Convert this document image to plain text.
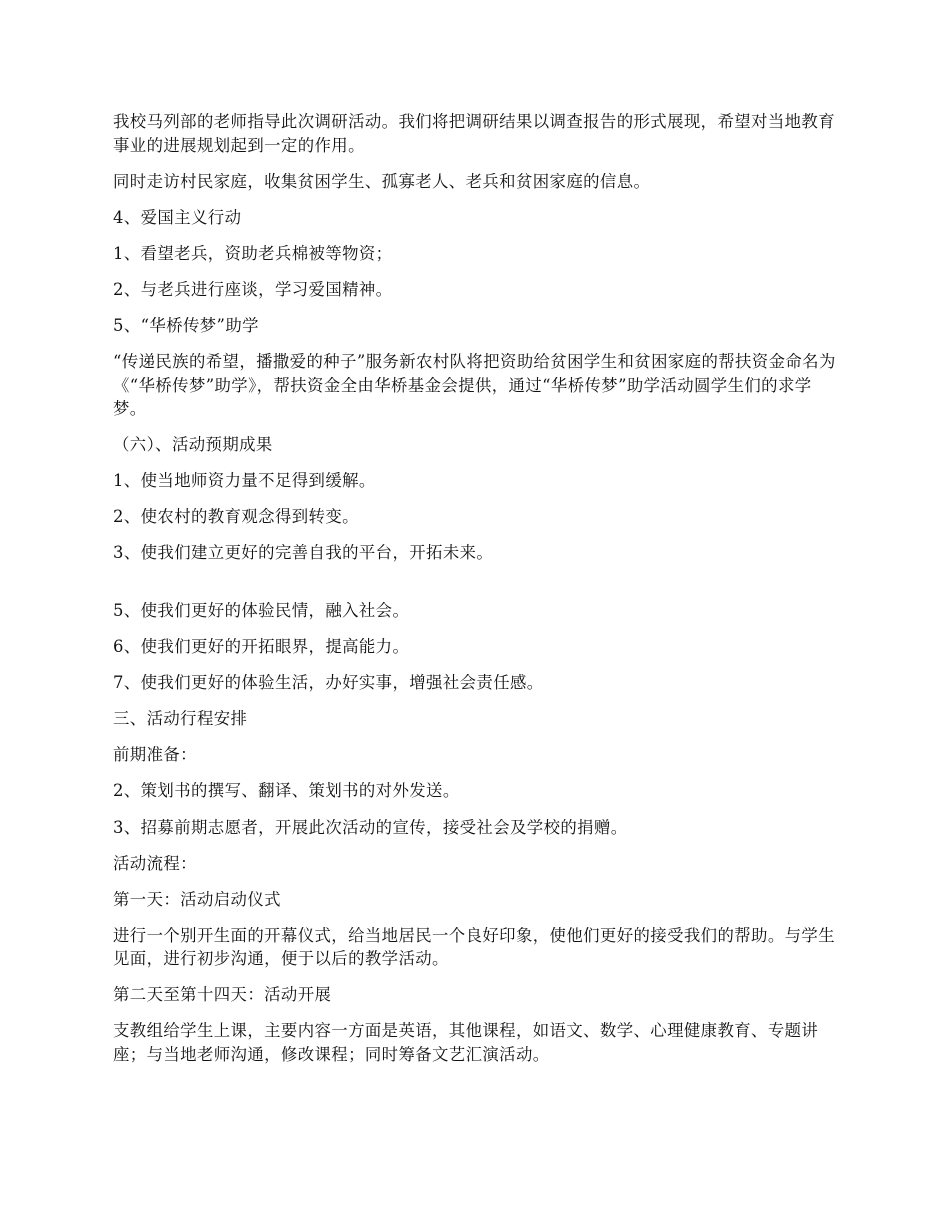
我校马列部的老师指导此次调研活动。我们将把调研结果以调查报告的形式展现，希望对当地教育事业的进展规划起到一定的作用。

同时走访村民家庭，收集贫困学生、孤寡老人、老兵和贫困家庭的信息。

4、爱国主义行动

1、看望老兵，资助老兵棉被等物资；

2、与老兵进行座谈，学习爱国精神。

5、“华桥传梦”助学

“传递民族的希望，播撒爱的种子”服务新农村队将把资助给贫困学生和贫困家庭的帮扶资金命名为《“华桥传梦”助学》，帮扶资金全由华桥基金会提供，通过“华桥传梦”助学活动圆学生们的求学梦。

（六）、活动预期成果

1、使当地师资力量不足得到缓解。

2、使农村的教育观念得到转变。

3、使我们建立更好的完善自我的平台，开拓未来。

5、使我们更好的体验民情，融入社会。

6、使我们更好的开拓眼界，提高能力。

7、使我们更好的体验生活，办好实事，增强社会责任感。

三、活动行程安排

前期准备：

2、策划书的撰写、翻译、策划书的对外发送。

3、招募前期志愿者，开展此次活动的宣传，接受社会及学校的捐赠。

活动流程：

第一天：活动启动仪式

进行一个别开生面的开幕仪式，给当地居民一个良好印象，使他们更好的接受我们的帮助。与学生见面，进行初步沟通，便于以后的教学活动。

第二天至第十四天：活动开展

支教组给学生上课，主要内容一方面是英语，其他课程，如语文、数学、心理健康教育、专题讲座；与当地老师沟通，修改课程；同时筹备文艺汇演活动。
